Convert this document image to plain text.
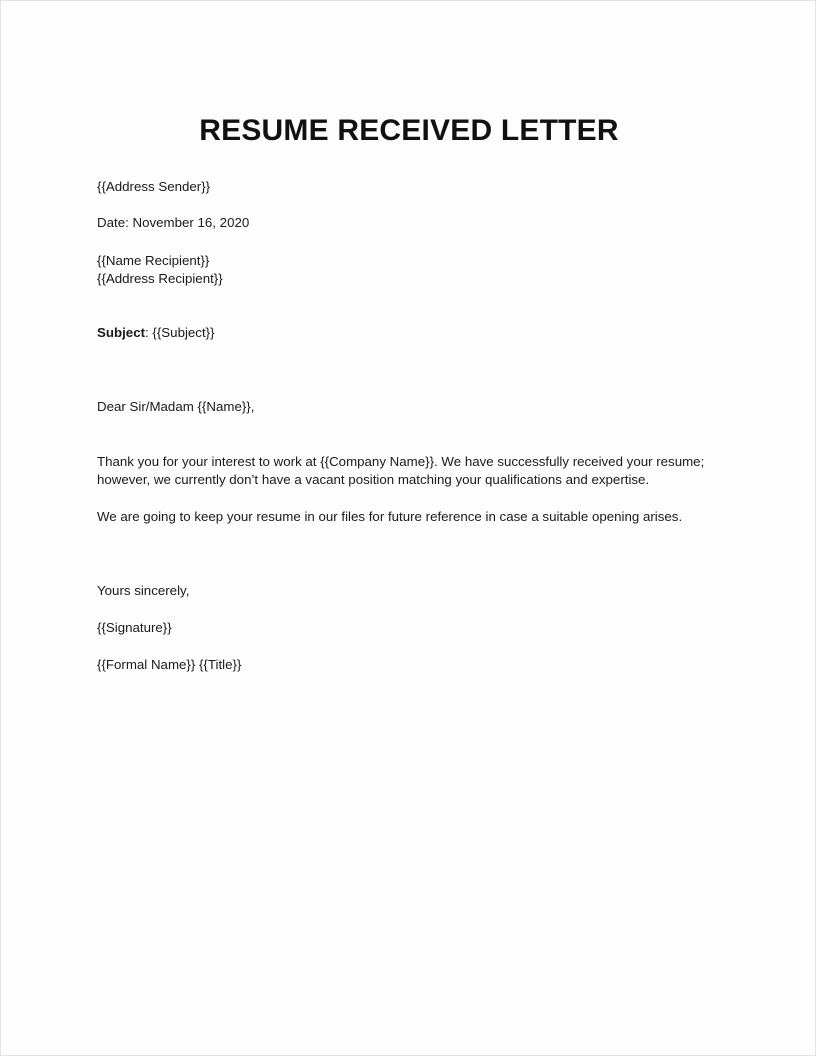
RESUME RECEIVED LETTER

{{Address Sender}}

Date: November 16, 2020

{{Name Recipient}}

{{Address Recipient}}

Subject: {{Subject}}

Dear Sir/Madam {{Name}},

Thank you for your interest to work at {{Company Name}}. We have successfully received your resume;

however, we currently don’t have a vacant position matching your qualifications and expertise.

We are going to keep your resume in our files for future reference in case a suitable opening arises.

Yours sincerely,

{{Signature}}

{{Formal Name}} {{Title}}
